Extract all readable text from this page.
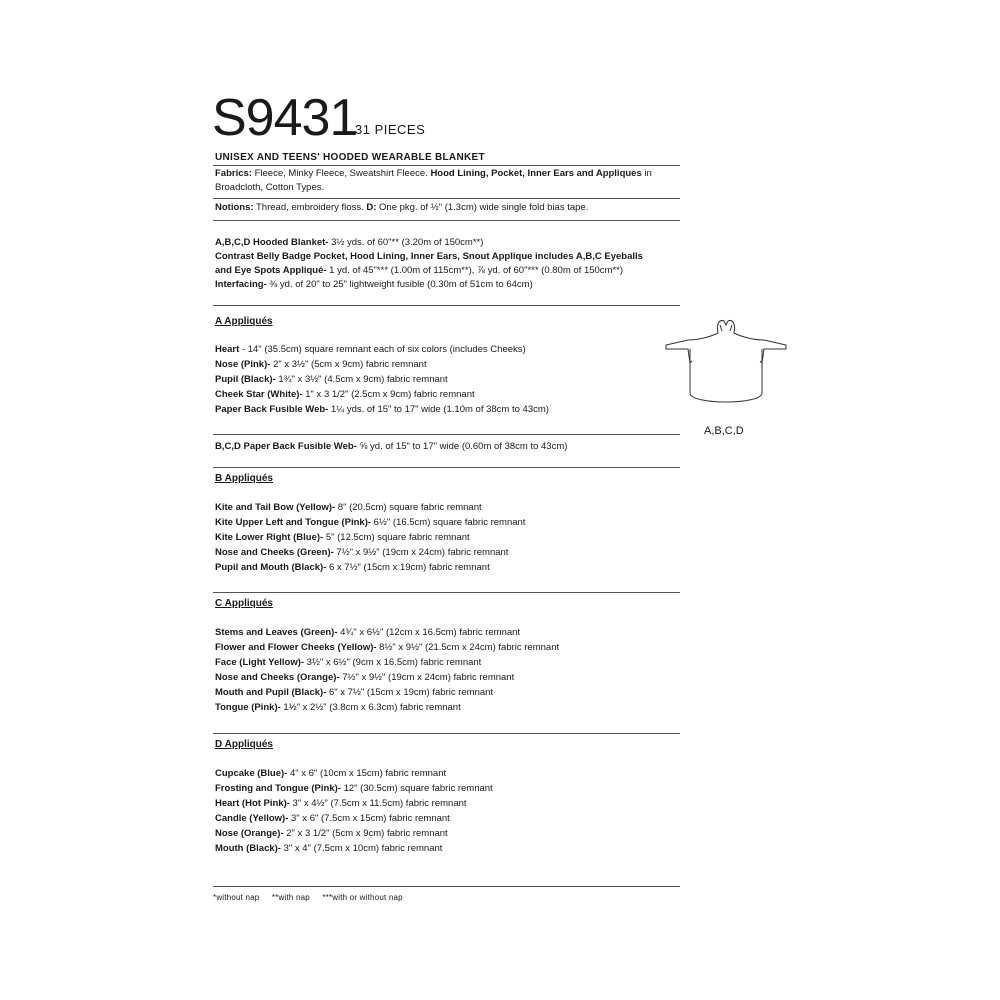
S9431
31 PIECES
UNISEX AND TEENS' HOODED WEARABLE BLANKET
Fabrics: Fleece, Minky Fleece, Sweatshirt Fleece. Hood Lining, Pocket, Inner Ears and Appliques in
Broadcloth, Cotton Types.
Notions: Thread, embroidery floss. D: One pkg. of ½" (1.3cm) wide single fold bias tape.
A,B,C,D Hooded Blanket- 3½ yds. of 60"** (3.20m of 150cm**)
Contrast Belly Badge Pocket, Hood Lining, Inner Ears, Snout Applique includes A,B,C Eyeballs
and Eye Spots Appliqué- 1 yd. of 45"*** (1.00m of 115cm**), ⅞ yd. of 60"*** (0.80m of 150cm**)
Interfacing- ⅜ yd. of 20" to 25" lightweight fusible (0.30m of 51cm to 64cm)
A Appliqués
Heart - 14" (35.5cm) square remnant each of six colors (includes Cheeks)
Nose (Pink)- 2" x 3½" (5cm x 9cm) fabric remnant
Pupil (Black)- 1¾" x 3½" (4.5cm x 9cm) fabric remnant
Cheek Star (White)- 1" x 3 1/2" (2.5cm x 9cm) fabric remnant
Paper Back Fusible Web- 1¼ yds. of 15" to 17" wide (1.10m of 38cm to 43cm)
B,C,D Paper Back Fusible Web- ⅝ yd. of 15" to 17" wide (0.60m of 38cm to 43cm)
B Appliqués
Kite and Tail Bow (Yellow)- 8" (20.5cm) square fabric remnant
Kite Upper Left and Tongue (Pink)- 6½" (16.5cm) square fabric remnant
Kite Lower Right (Blue)- 5" (12.5cm) square fabric remnant
Nose and Cheeks (Green)- 7½" x 9½" (19cm x 24cm) fabric remnant
Pupil and Mouth (Black)- 6 x 7½" (15cm x 19cm) fabric remnant
C Appliqués
Stems and Leaves (Green)- 4¾" x 6½" (12cm x 16.5cm) fabric remnant
Flower and Flower Cheeks (Yellow)- 8½" x 9½" (21.5cm x 24cm) fabric remnant
Face (Light Yellow)- 3½" x 6½" (9cm x 16.5cm) fabric remnant
Nose and Cheeks (Orange)- 7½" x 9½" (19cm x 24cm) fabric remnant
Mouth and Pupil (Black)- 6" x 7½" (15cm x 19cm) fabric remnant
Tongue (Pink)- 1½" x 2½" (3.8cm x 6.3cm) fabric remnant
D Appliqués
Cupcake (Blue)- 4" x 6" (10cm x 15cm) fabric remnant
Frosting and Tongue (Pink)- 12" (30.5cm) square fabric remnant
Heart (Hot Pink)- 3" x 4½" (7.5cm x 11.5cm) fabric remnant
Candle (Yellow)- 3" x 6" (7.5cm x 15cm) fabric remnant
Nose (Orange)- 2" x 3 1/2" (5cm x 9cm) fabric remnant
Mouth (Black)- 3" x 4" (7.5cm x 10cm) fabric remnant
*without nap **with nap ***with or without nap
A,B,C,D
